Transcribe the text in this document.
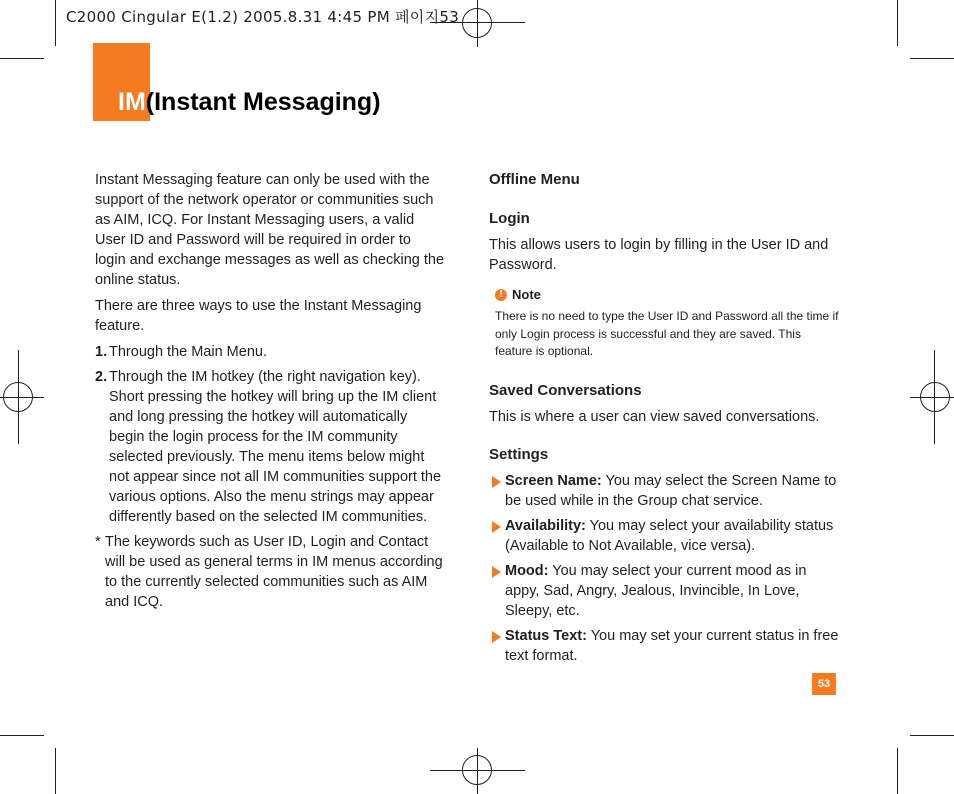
C2000 Cingular E(1.2) 2005.8.31 4:45 PM 페이지53
IM(Instant Messaging)

Instant Messaging feature can only be used with the support of the network operator or communities such as AIM, ICQ. For Instant Messaging users, a valid User ID and Password will be required in order to login and exchange messages as well as checking the online status.

There are three ways to use the Instant Messaging feature.

1. Through the Main Menu.
2. Through the IM hotkey (the right navigation key). Short pressing the hotkey will bring up the IM client and long pressing the hotkey will automatically begin the login process for the IM community selected previously. The menu items below might not appear since not all IM communities support the various options. Also the menu strings may appear differently based on the selected IM communities.
* The keywords such as User ID, Login and Contact will be used as general terms in IM menus according to the currently selected communities such as AIM and ICQ.
Offline Menu
Login

This allows users to login by filling in the User ID and Password.

! Note
There is no need to type the User ID and Password all the time if only Login process is successful and they are saved. This feature is optional.
Saved Conversations

This is where a user can view saved conversations.

Settings
Screen Name: You may select the Screen Name to be used while in the Group chat service.
Availability: You may select your availability status (Available to Not Available, vice versa).
Mood: You may select your current mood as in appy, Sad, Angry, Jealous, Invincible, In Love, Sleepy, etc.
Status Text: You may set your current status in free text format.
53
